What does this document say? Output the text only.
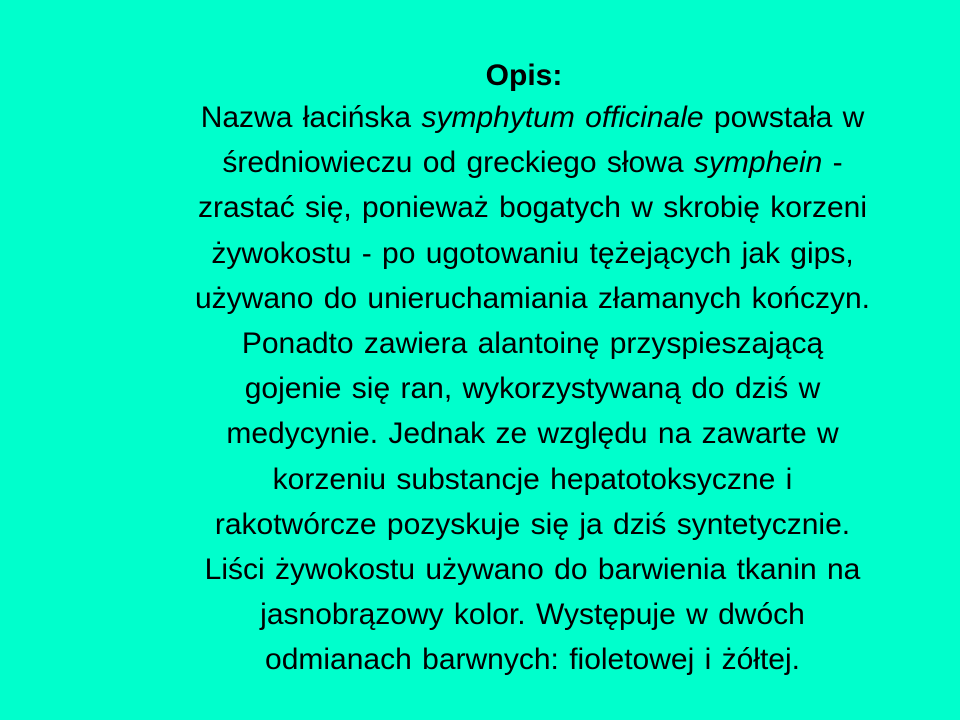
Opis:
Nazwa łacińska symphytum officinale powstała w
średniowieczu od greckiego słowa symphein -
zrastać się, ponieważ bogatych w skrobię korzeni
żywokostu - po ugotowaniu tężejących jak gips,
używano do unieruchamiania złamanych kończyn.
Ponadto zawiera alantoinę przyspieszającą
gojenie się ran, wykorzystywaną do dziś w
medycynie. Jednak ze względu na zawarte w
korzeniu substancje hepatotoksyczne i
rakotwórcze pozyskuje się ja dziś syntetycznie.
Liści żywokostu używano do barwienia tkanin na
jasnobrązowy kolor. Występuje w dwóch
odmianach barwnych: fioletowej i żółtej.
